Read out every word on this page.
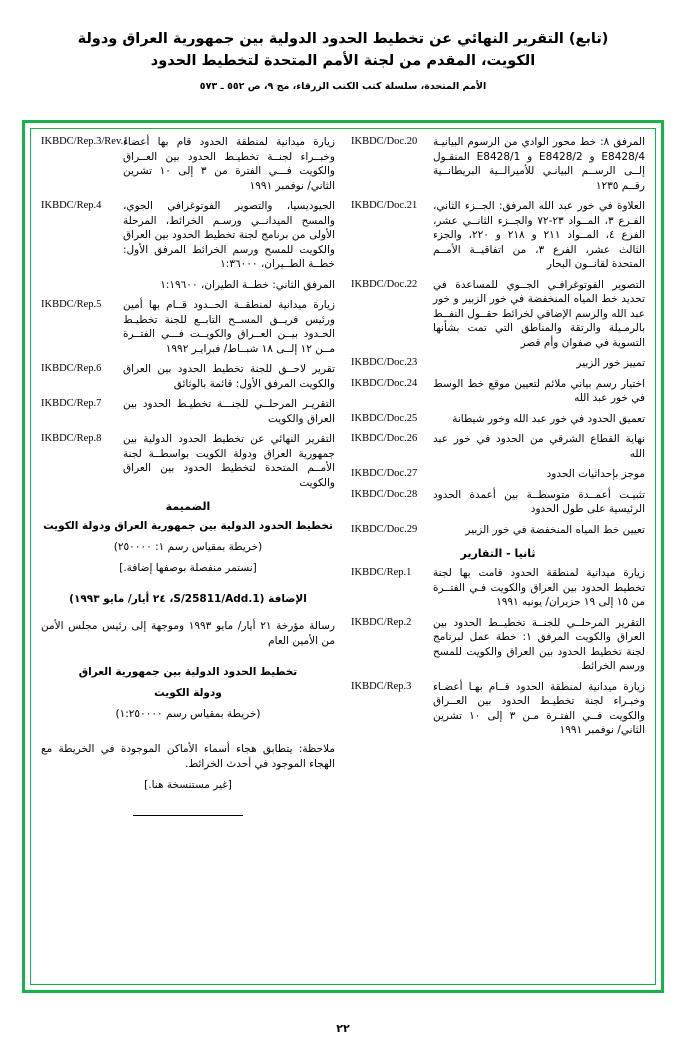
(تابع) التقرير النهائي عن تخطيط الحدود الدولية بين جمهورية العراق ودولة
الكويت، المقدم من لجنة الأمم المتحدة لتخطيط الحدود
الأمم المتحدة، سلسلة كتب الكتب الزرقاء، مج ٩، ص ٥٥٢ ـ ٥٧٣
المرفق ٨: خط محور الوادي من الرسوم البيانيـة E8428/4 و E8428/2 و E8428/1 المنقـول إلــى الرســم البيانـي للأميرالــية البريطانــية رقــم ١٢٣٥	IKBDC/Doc.20
العلاوة في خور عبد الله المرفق: الجــزء الثاني، الفـرع ٣، المــواد ٢٣-٧٢ والجــزء الثانــي عشر، الفرع ٤، المــواد ٢١١ و ٢١٨ و ٢٢٠، والجزء الثالث عشر، الفرع ٣، من اتفاقيــة الأمــم المتحدة لقانــون البحار	IKBDC/Doc.21
التصوير الفوتوغرافـي الجــوي للمساعدة في تحديد خط المياه المنخفضة في خور الزبير و خور عبد الله والرسم الإضافي لخرائط حقــول النفــط بالرمـيلة والرتقة والمناطق التي تمت بشأنها التسوية في صفوان وأم قصر	IKBDC/Doc.22
تمييز خور الزبير	IKBDC/Doc.23
اختيار رسم بياني ملائم لتعيين موقع خط الوسط في خور عبد الله	IKBDC/Doc.24
تعميق الحدود في خور عبد الله وخور شيطانة	IKBDC/Doc.25
نهاية القطاع الشرقي من الحدود في خور عبد الله	IKBDC/Doc.26
موجز بإحداثيات الحدود	IKBDC/Doc.27
تثبيـت أعمــدة متوسطــة بين أعمدة الحدود الرئيسية على طول الحدود	IKBDC/Doc.28
تعيين خط المياه المنخفضة في خور الزبير	IKBDC/Doc.29
ثانيا - التقارير
زيارة ميدانية لمنطقة الحدود قامت بها لجنة تخطيط الحدود بين العراق والكويت فـي الفتــرة من ١٥ إلى ١٩ حزيران/ يونيه ١٩٩١	IKBDC/Rep.1
التقرير المرحلــي للجنــة تخطيــط الحدود بين العراق والكويت المرفق ١: خطة عمل لبرنامج لجنة تخطيط الحدود بين العراق والكويت للمسح ورسم الخرائط	IKBDC/Rep.2
زيارة ميدانية لمنطقة الحدود قــام بهـا أعضـاء وخبـراء لجنة تخطيـط الحدود بين العــراق والكويت فــي الفتـرة مـن ٣ إلى ١٠ تشرين الثاني/ نوفمبر ١٩٩١	IKBDC/Rep.3
زيارة ميدانية لمنطقة الحدود قام بها أعضاء وخبــراء لجنــة تخطيـط الحدود بين العــراق والكويت فـــي الفترة من ٣ إلى ١٠ تشرين الثاني/ نوفمبر ١٩٩١	IKBDC/Rep.3/Rev.1
الجيوديسيا، والتصوير الفوتوغرافي الجوي، والمسح الميدانــي ورسـم الخرائط، المرحلة الأولى من برنامج لجنة تخطيط الحدود بين العراق والكويت للمسح ورسم الخرائط المرفق الأول: خطــة الطــيران، ١:٣٦٠٠٠	IKBDC/Rep.4
المرفق الثاني: خطــة الطيران، ١:١٩٦٠٠	
زيارة ميدانية لمنطقــة الحــدود قــام بها أمين ورئيس فريــق المســح التابــع للجنة تخطيـط الحـدود بيــن العــراق والكويــت فـــي الفتــرة مــن ١٢ إلــى ١٨ شبــاط/ فبرايـر ١٩٩٢	IKBDC/Rep.5
تقرير لاحــق للجنة تخطيط الحدود بين العراق والكويت المرفق الأول: قائمة بالوثائق	IKBDC/Rep.6
التقريـر المرحلــي للجنـــة تخطيـط الحدود بين العراق والكويت	IKBDC/Rep.7
التقرير النهائي عن تخطيط الحدود الدولية بين جمهورية العراق ودولة الكويت بواسطــة لجنة الأمــم المتحدة لتخطيط الحدود بين العراق والكويت	IKBDC/Rep.8
الضميمة
تخطيط الحدود الدولية بين جمهورية العراق ودولة الكويت
(خريطة بمقياس رسم ١: ٢٥٠٠٠٠)
[نستمر منفصلة بوصفها إضافة.]
الإضافة (S/25811/Add.1، ٢٤ أيار/ مايو ١٩٩٣)
رسالة مؤرخة ٢١ أيار/ مايو ١٩٩٣ وموجهة إلى رئيس مجلس الأمن من الأمين العام
تخطيط الحدود الدولية بين جمهورية العراق
ودولة الكويت
(خريطة بمقياس رسم ١:٢٥٠٠٠٠)
ملاحظة: يتطابق هجاء أسماء الأماكن الموجودة في الخريطة مع الهجاء الموجود في أحدث الخرائط.
[غير مستنسخة هنا.]
٢٢
